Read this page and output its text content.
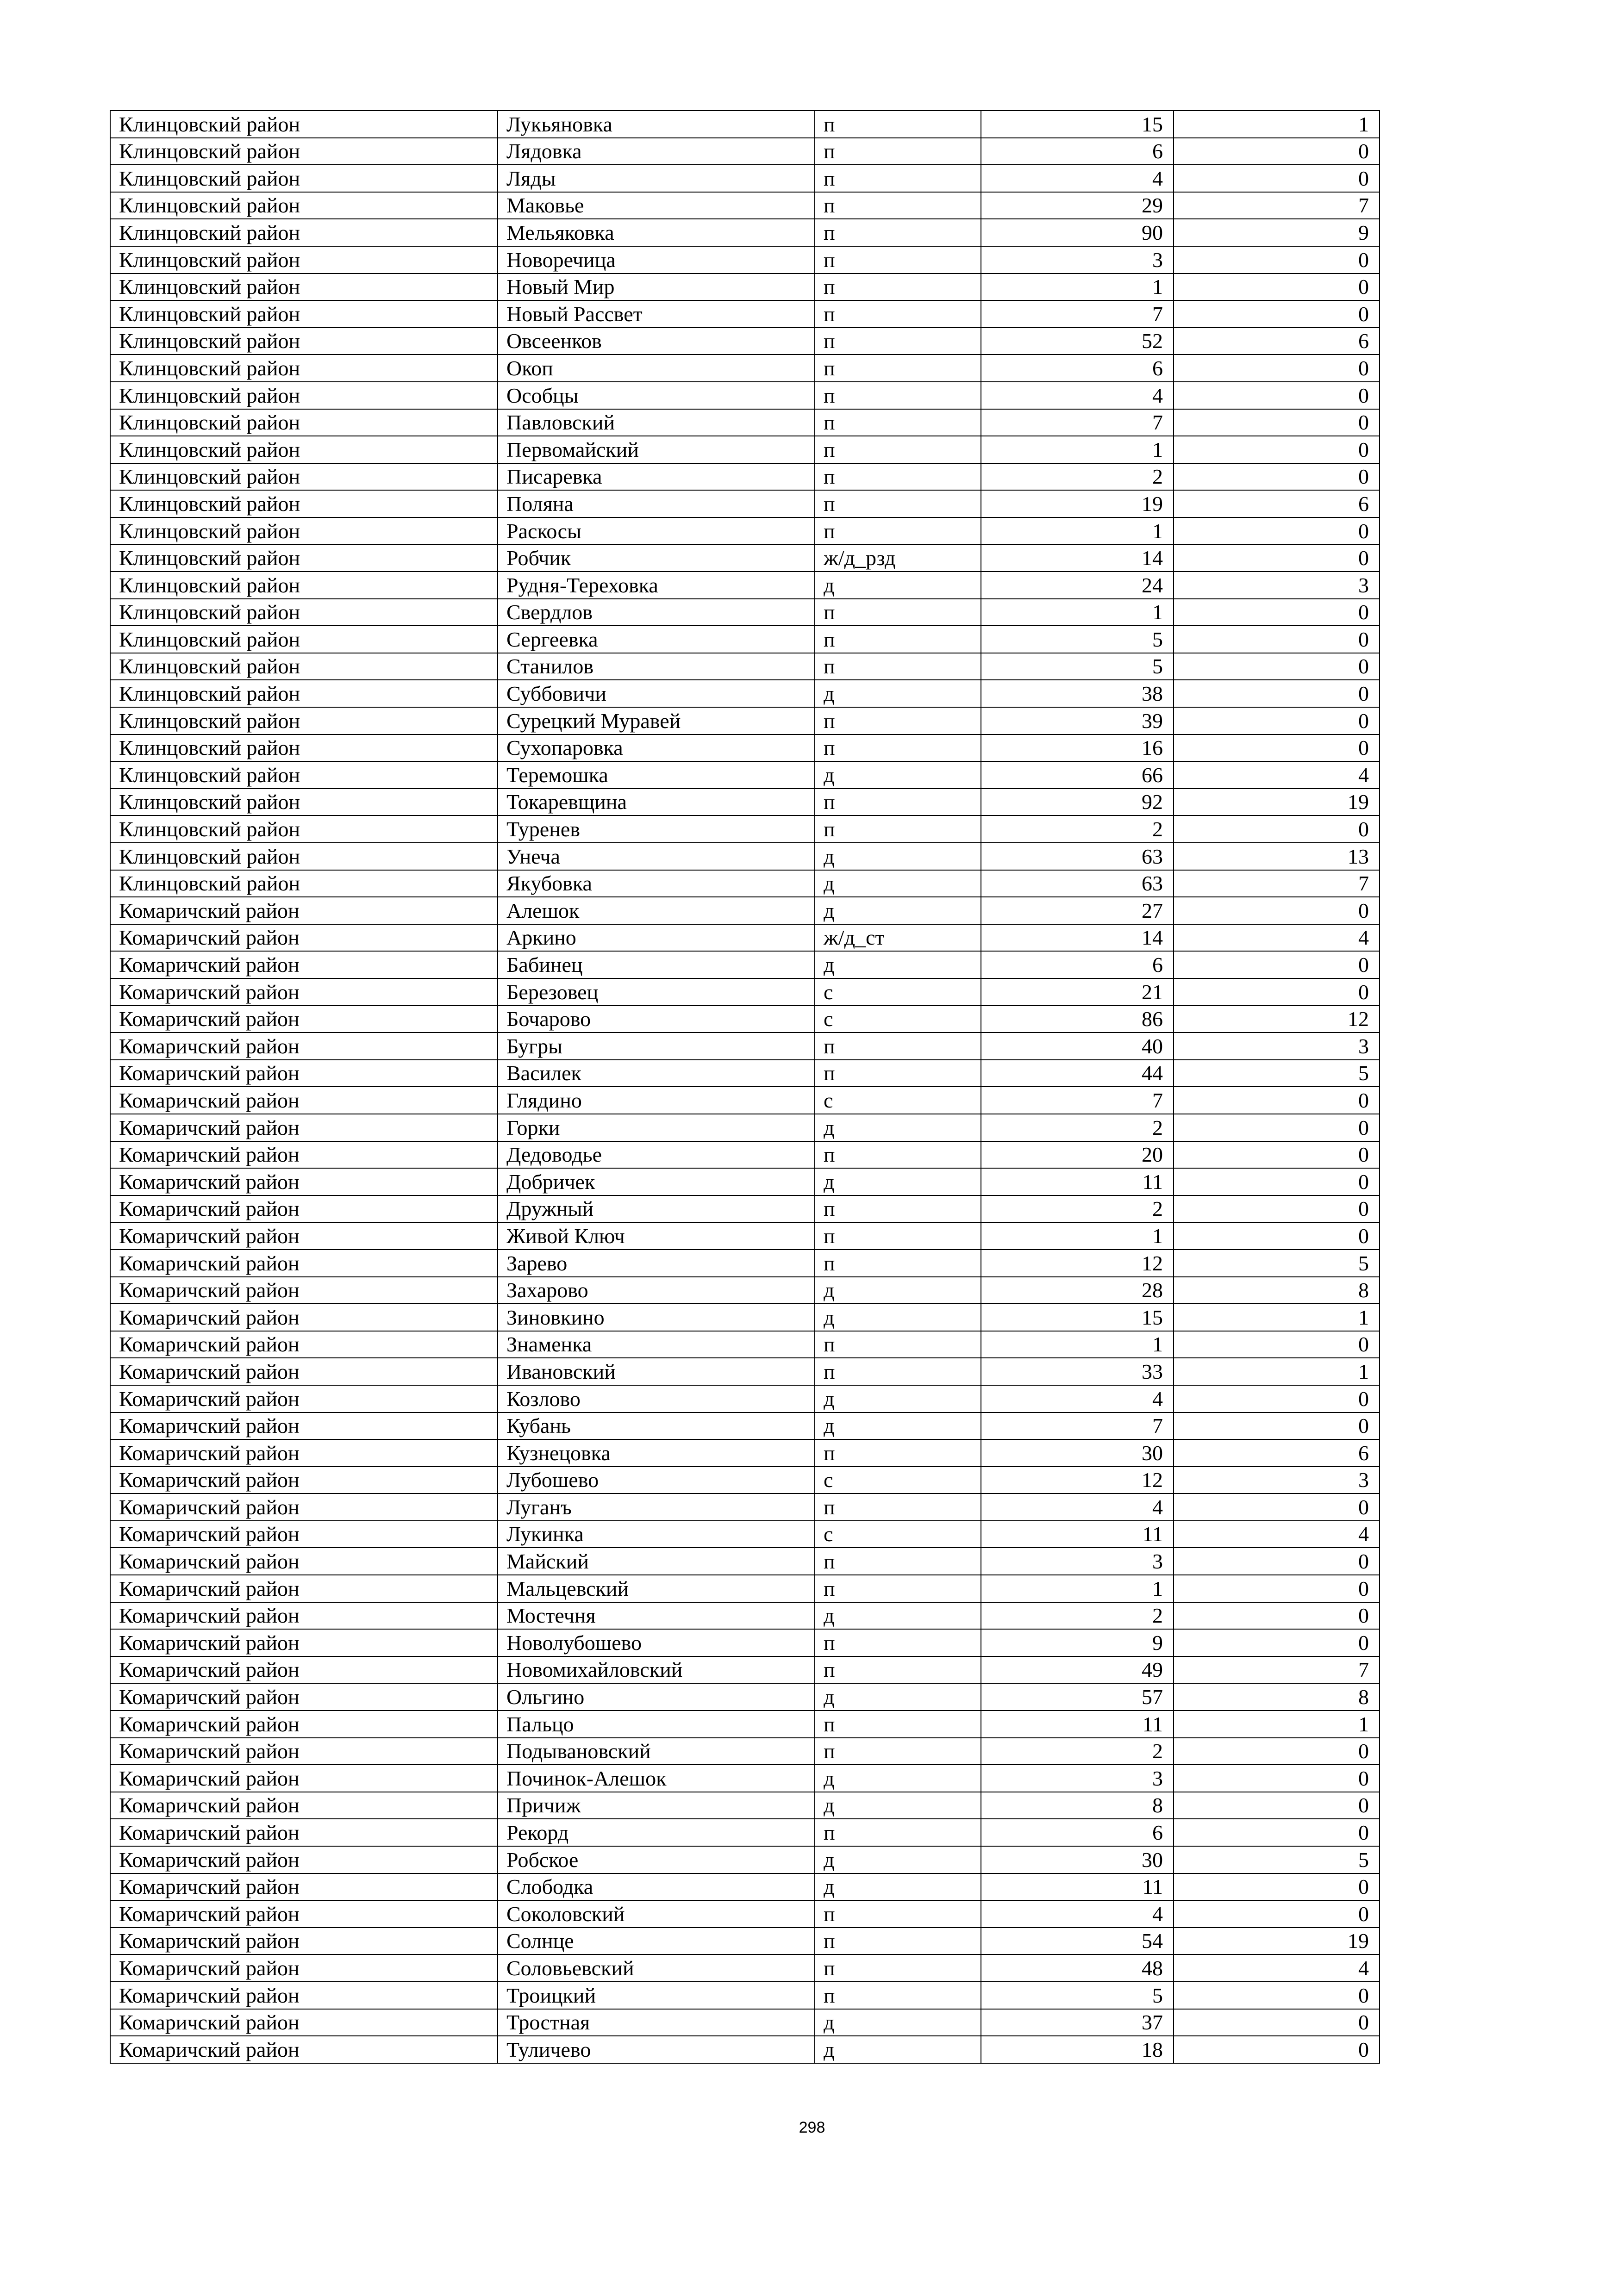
Клинцовский район	Лукьяновка	п	15	1
Клинцовский район	Лядовка	п	6	0
Клинцовский район	Ляды	п	4	0
Клинцовский район	Маковье	п	29	7
Клинцовский район	Мельяковка	п	90	9
Клинцовский район	Новоречица	п	3	0
Клинцовский район	Новый Мир	п	1	0
Клинцовский район	Новый Рассвет	п	7	0
Клинцовский район	Овсеенков	п	52	6
Клинцовский район	Окоп	п	6	0
Клинцовский район	Особцы	п	4	0
Клинцовский район	Павловский	п	7	0
Клинцовский район	Первомайский	п	1	0
Клинцовский район	Писаревка	п	2	0
Клинцовский район	Поляна	п	19	6
Клинцовский район	Раскосы	п	1	0
Клинцовский район	Робчик	ж/д_рзд	14	0
Клинцовский район	Рудня-Тереховка	д	24	3
Клинцовский район	Свердлов	п	1	0
Клинцовский район	Сергеевка	п	5	0
Клинцовский район	Станилов	п	5	0
Клинцовский район	Суббовичи	д	38	0
Клинцовский район	Сурецкий Муравей	п	39	0
Клинцовский район	Сухопаровка	п	16	0
Клинцовский район	Теремошка	д	66	4
Клинцовский район	Токаревщина	п	92	19
Клинцовский район	Туренев	п	2	0
Клинцовский район	Унеча	д	63	13
Клинцовский район	Якубовка	д	63	7
Комаричский район	Алешок	д	27	0
Комаричский район	Аркино	ж/д_ст	14	4
Комаричский район	Бабинец	д	6	0
Комаричский район	Березовец	с	21	0
Комаричский район	Бочарово	с	86	12
Комаричский район	Бугры	п	40	3
Комаричский район	Василек	п	44	5
Комаричский район	Глядино	с	7	0
Комаричский район	Горки	д	2	0
Комаричский район	Дедоводье	п	20	0
Комаричский район	Добричек	д	11	0
Комаричский район	Дружный	п	2	0
Комаричский район	Живой Ключ	п	1	0
Комаричский район	Зарево	п	12	5
Комаричский район	Захарово	д	28	8
Комаричский район	Зиновкино	д	15	1
Комаричский район	Знаменка	п	1	0
Комаричский район	Ивановский	п	33	1
Комаричский район	Козлово	д	4	0
Комаричский район	Кубань	д	7	0
Комаричский район	Кузнецовка	п	30	6
Комаричский район	Лубошево	с	12	3
Комаричский район	Луганъ	п	4	0
Комаричский район	Лукинка	с	11	4
Комаричский район	Майский	п	3	0
Комаричский район	Мальцевский	п	1	0
Комаричский район	Мостечня	д	2	0
Комаричский район	Новолубошево	п	9	0
Комаричский район	Новомихайловский	п	49	7
Комаричский район	Ольгино	д	57	8
Комаричский район	Пальцо	п	11	1
Комаричский район	Подывановский	п	2	0
Комаричский район	Починок-Алешок	д	3	0
Комаричский район	Причиж	д	8	0
Комаричский район	Рекорд	п	6	0
Комаричский район	Робское	д	30	5
Комаричский район	Слободка	д	11	0
Комаричский район	Соколовский	п	4	0
Комаричский район	Солнце	п	54	19
Комаричский район	Соловьевский	п	48	4
Комаричский район	Троицкий	п	5	0
Комаричский район	Тростная	д	37	0
Комаричский район	Туличево	д	18	0
298
